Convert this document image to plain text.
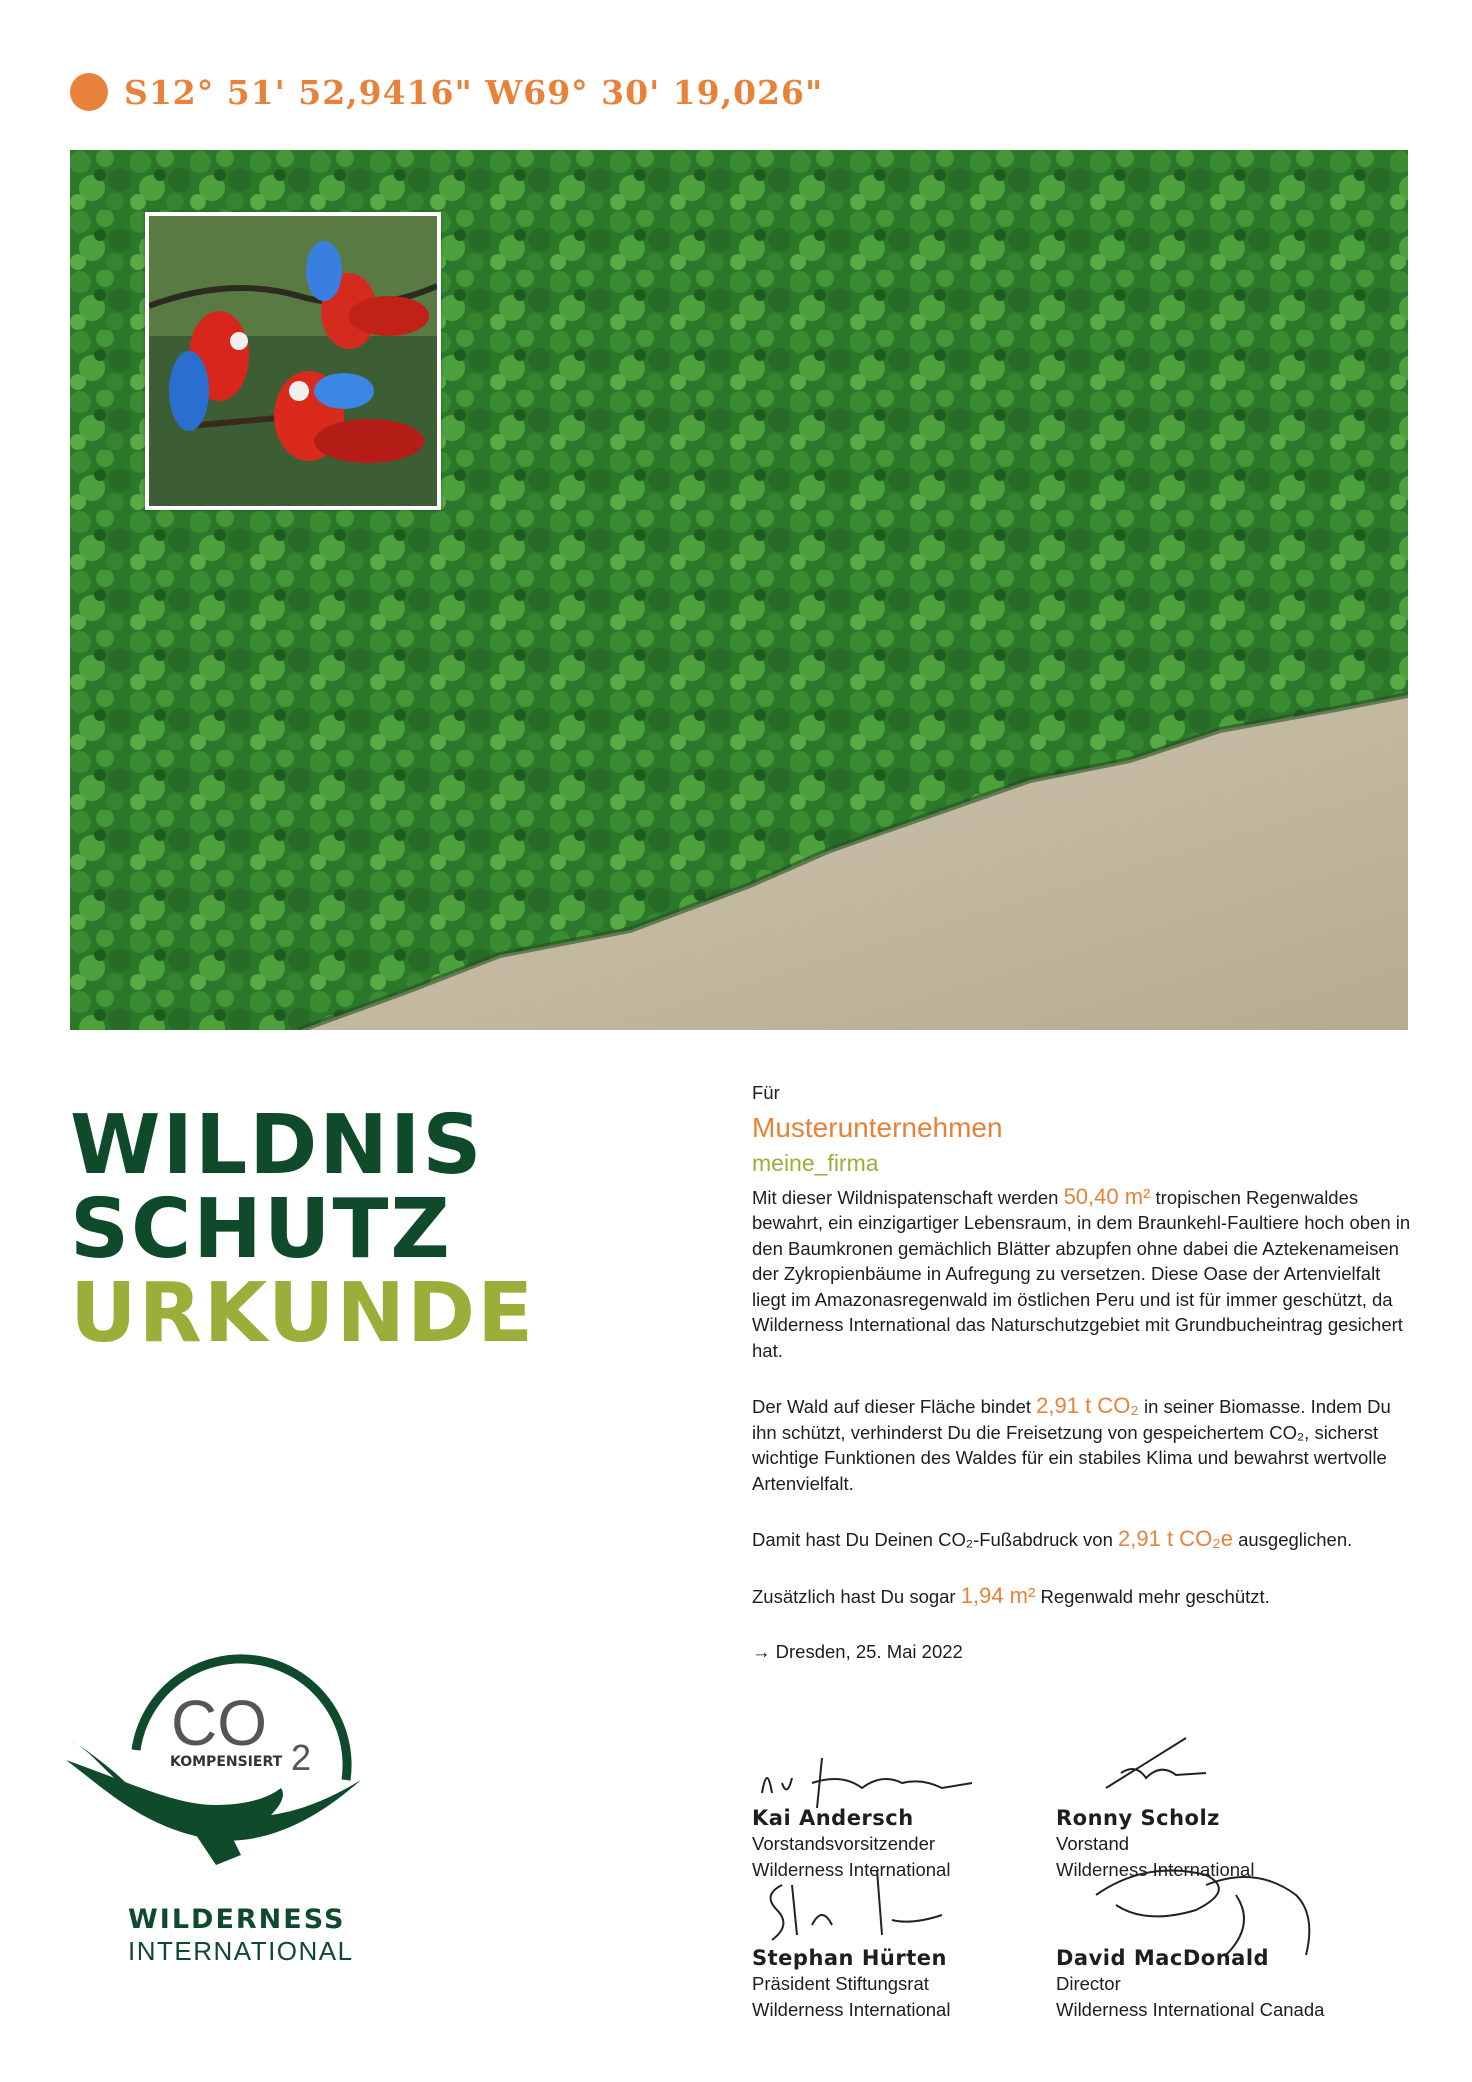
S12° 51' 52,9416" W69° 30' 19,026"
WILDNIS
SCHUTZ
URKUNDE
CO 2
KOMPENSIERT
WILDERNESS
INTERNATIONAL
Für
Musterunternehmen
meine_firma

Mit dieser Wildnispatenschaft werden 50,40 m² tropischen Regenwaldes bewahrt, ein einzigartiger Lebensraum, in dem Braunkehl-Faultiere hoch oben in den Baumkronen gemächlich Blätter abzupfen ohne dabei die Aztekenameisen der Zykropienbäume in Aufregung zu versetzen. Diese Oase der Artenvielfalt liegt im Amazonasregenwald im östlichen Peru und ist für immer geschützt, da Wilderness International das Naturschutzgebiet mit Grundbucheintrag gesichert hat.

Der Wald auf dieser Fläche bindet 2,91 t CO₂ in seiner Biomasse. Indem Du ihn schützt, verhinderst Du die Freisetzung von gespeichertem CO₂, sicherst wichtige Funktionen des Waldes für ein stabiles Klima und bewahrst wertvolle Artenvielfalt.

Damit hast Du Deinen CO₂-Fußabdruck von 2,91 t CO₂e ausgeglichen.

Zusätzlich hast Du sogar 1,94 m² Regenwald mehr geschützt.

→ Dresden, 25. Mai 2022
Kai Andersch
Vorstandsvorsitzender
Wilderness International
Ronny Scholz
Vorstand
Wilderness International
Stephan Hürten
Präsident Stiftungsrat
Wilderness International
David MacDonald
Director
Wilderness International Canada
